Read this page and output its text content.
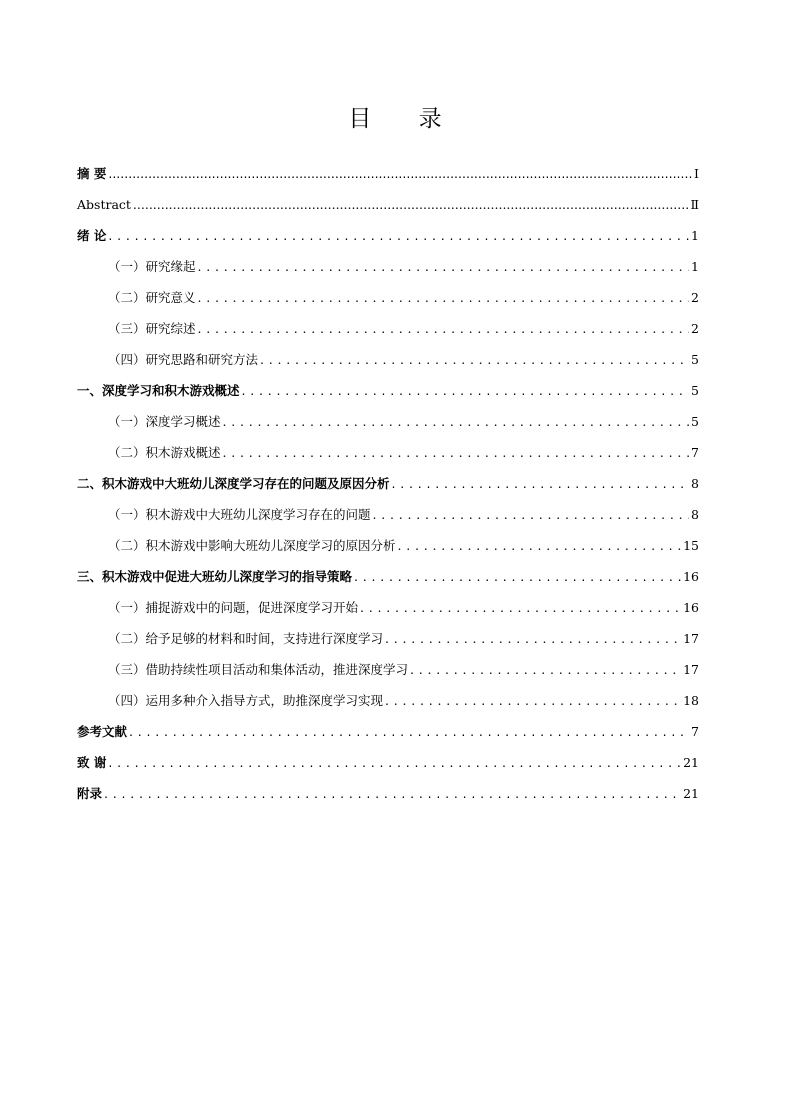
目 录
摘 要 .....	Ⅰ
Abstract .....	Ⅱ
绪 论 . . .	1
（一）研究缘起 . . .	1
（二）研究意义 . . .	2
（三）研究综述 . . .	2
（四）研究思路和研究方法 . . .	5
一、深度学习和积木游戏概述 . . .	5
（一）深度学习概述 . . .	5
（二）积木游戏概述 . . .	7
二、积木游戏中大班幼儿深度学习存在的问题及原因分析 . . .	8
（一）积木游戏中大班幼儿深度学习存在的问题 . . .	8
（二）积木游戏中影响大班幼儿深度学习的原因分析 . . .	15
三、积木游戏中促进大班幼儿深度学习的指导策略 . . .	16
（一）捕捉游戏中的问题，促进深度学习开始 . . .	16
（二）给予足够的材料和时间，支持进行深度学习 . . .	17
（三）借助持续性项目活动和集体活动，推进深度学习 . . .	17
（四）运用多种介入指导方式，助推深度学习实现 . . .	18
参考文献 . . .	7
致 谢 . . .	21
附录 . . .	21
